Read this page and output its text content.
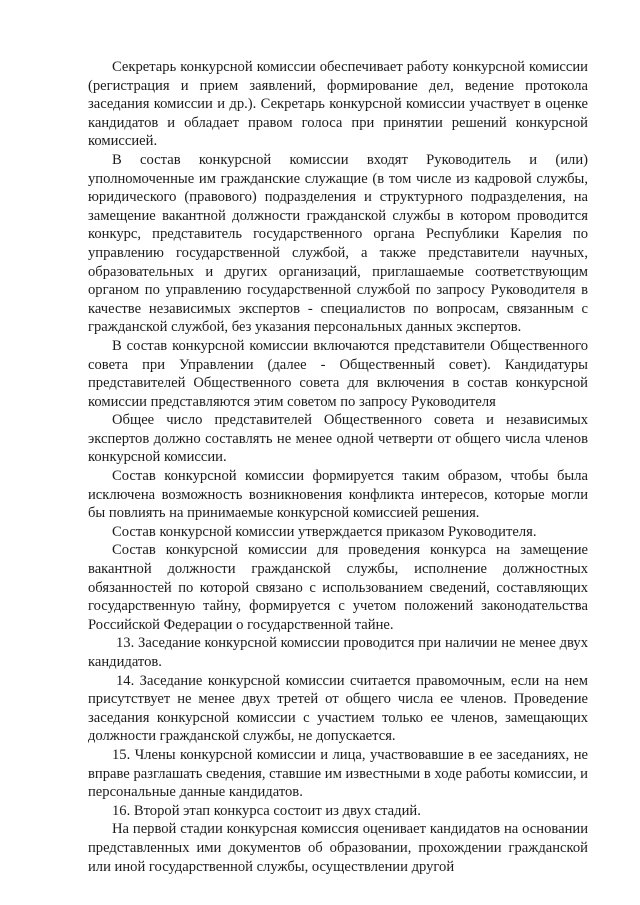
Секретарь конкурсной комиссии обеспечивает работу конкурсной комиссии (регистрация и прием заявлений, формирование дел, ведение протокола заседания комиссии и др.). Секретарь конкурсной комиссии участвует в оценке кандидатов и обладает правом голоса при принятии решений конкурсной комиссией.

В состав конкурсной комиссии входят Руководитель и (или) уполномоченные им гражданские служащие (в том числе из кадровой службы, юридического (правового) подразделения и структурного подразделения, на замещение вакантной должности гражданской службы в котором проводится конкурс, представитель государственного органа Республики Карелия по управлению государственной службой, а также представители научных, образовательных и других организаций, приглашаемые соответствующим органом по управлению государственной службой по запросу Руководителя в качестве независимых экспертов - специалистов по вопросам, связанным с гражданской службой, без указания персональных данных экспертов.

В состав конкурсной комиссии включаются представители Общественного совета при Управлении (далее - Общественный совет). Кандидатуры представителей Общественного совета для включения в состав конкурсной комиссии представляются этим советом по запросу Руководителя

Общее число представителей Общественного совета и независимых экспертов должно составлять не менее одной четверти от общего числа членов конкурсной комиссии.

Состав конкурсной комиссии формируется таким образом, чтобы была исключена возможность возникновения конфликта интересов, которые могли бы повлиять на принимаемые конкурсной комиссией решения.

Состав конкурсной комиссии утверждается приказом Руководителя.

Состав конкурсной комиссии для проведения конкурса на замещение вакантной должности гражданской службы, исполнение должностных обязанностей по которой связано с использованием сведений, составляющих государственную тайну, формируется с учетом положений законодательства Российской Федерации о государственной тайне.

13. Заседание конкурсной комиссии проводится при наличии не менее двух кандидатов.

14. Заседание конкурсной комиссии считается правомочным, если на нем присутствует не менее двух третей от общего числа ее членов. Проведение заседания конкурсной комиссии с участием только ее членов, замещающих должности гражданской службы, не допускается.

15. Члены конкурсной комиссии и лица, участвовавшие в ее заседаниях, не вправе разглашать сведения, ставшие им известными в ходе работы комиссии, и персональные данные кандидатов.

16. Второй этап конкурса состоит из двух стадий.

На первой стадии конкурсная комиссия оценивает кандидатов на основании представленных ими документов об образовании, прохождении гражданской или иной государственной службы, осуществлении другой
